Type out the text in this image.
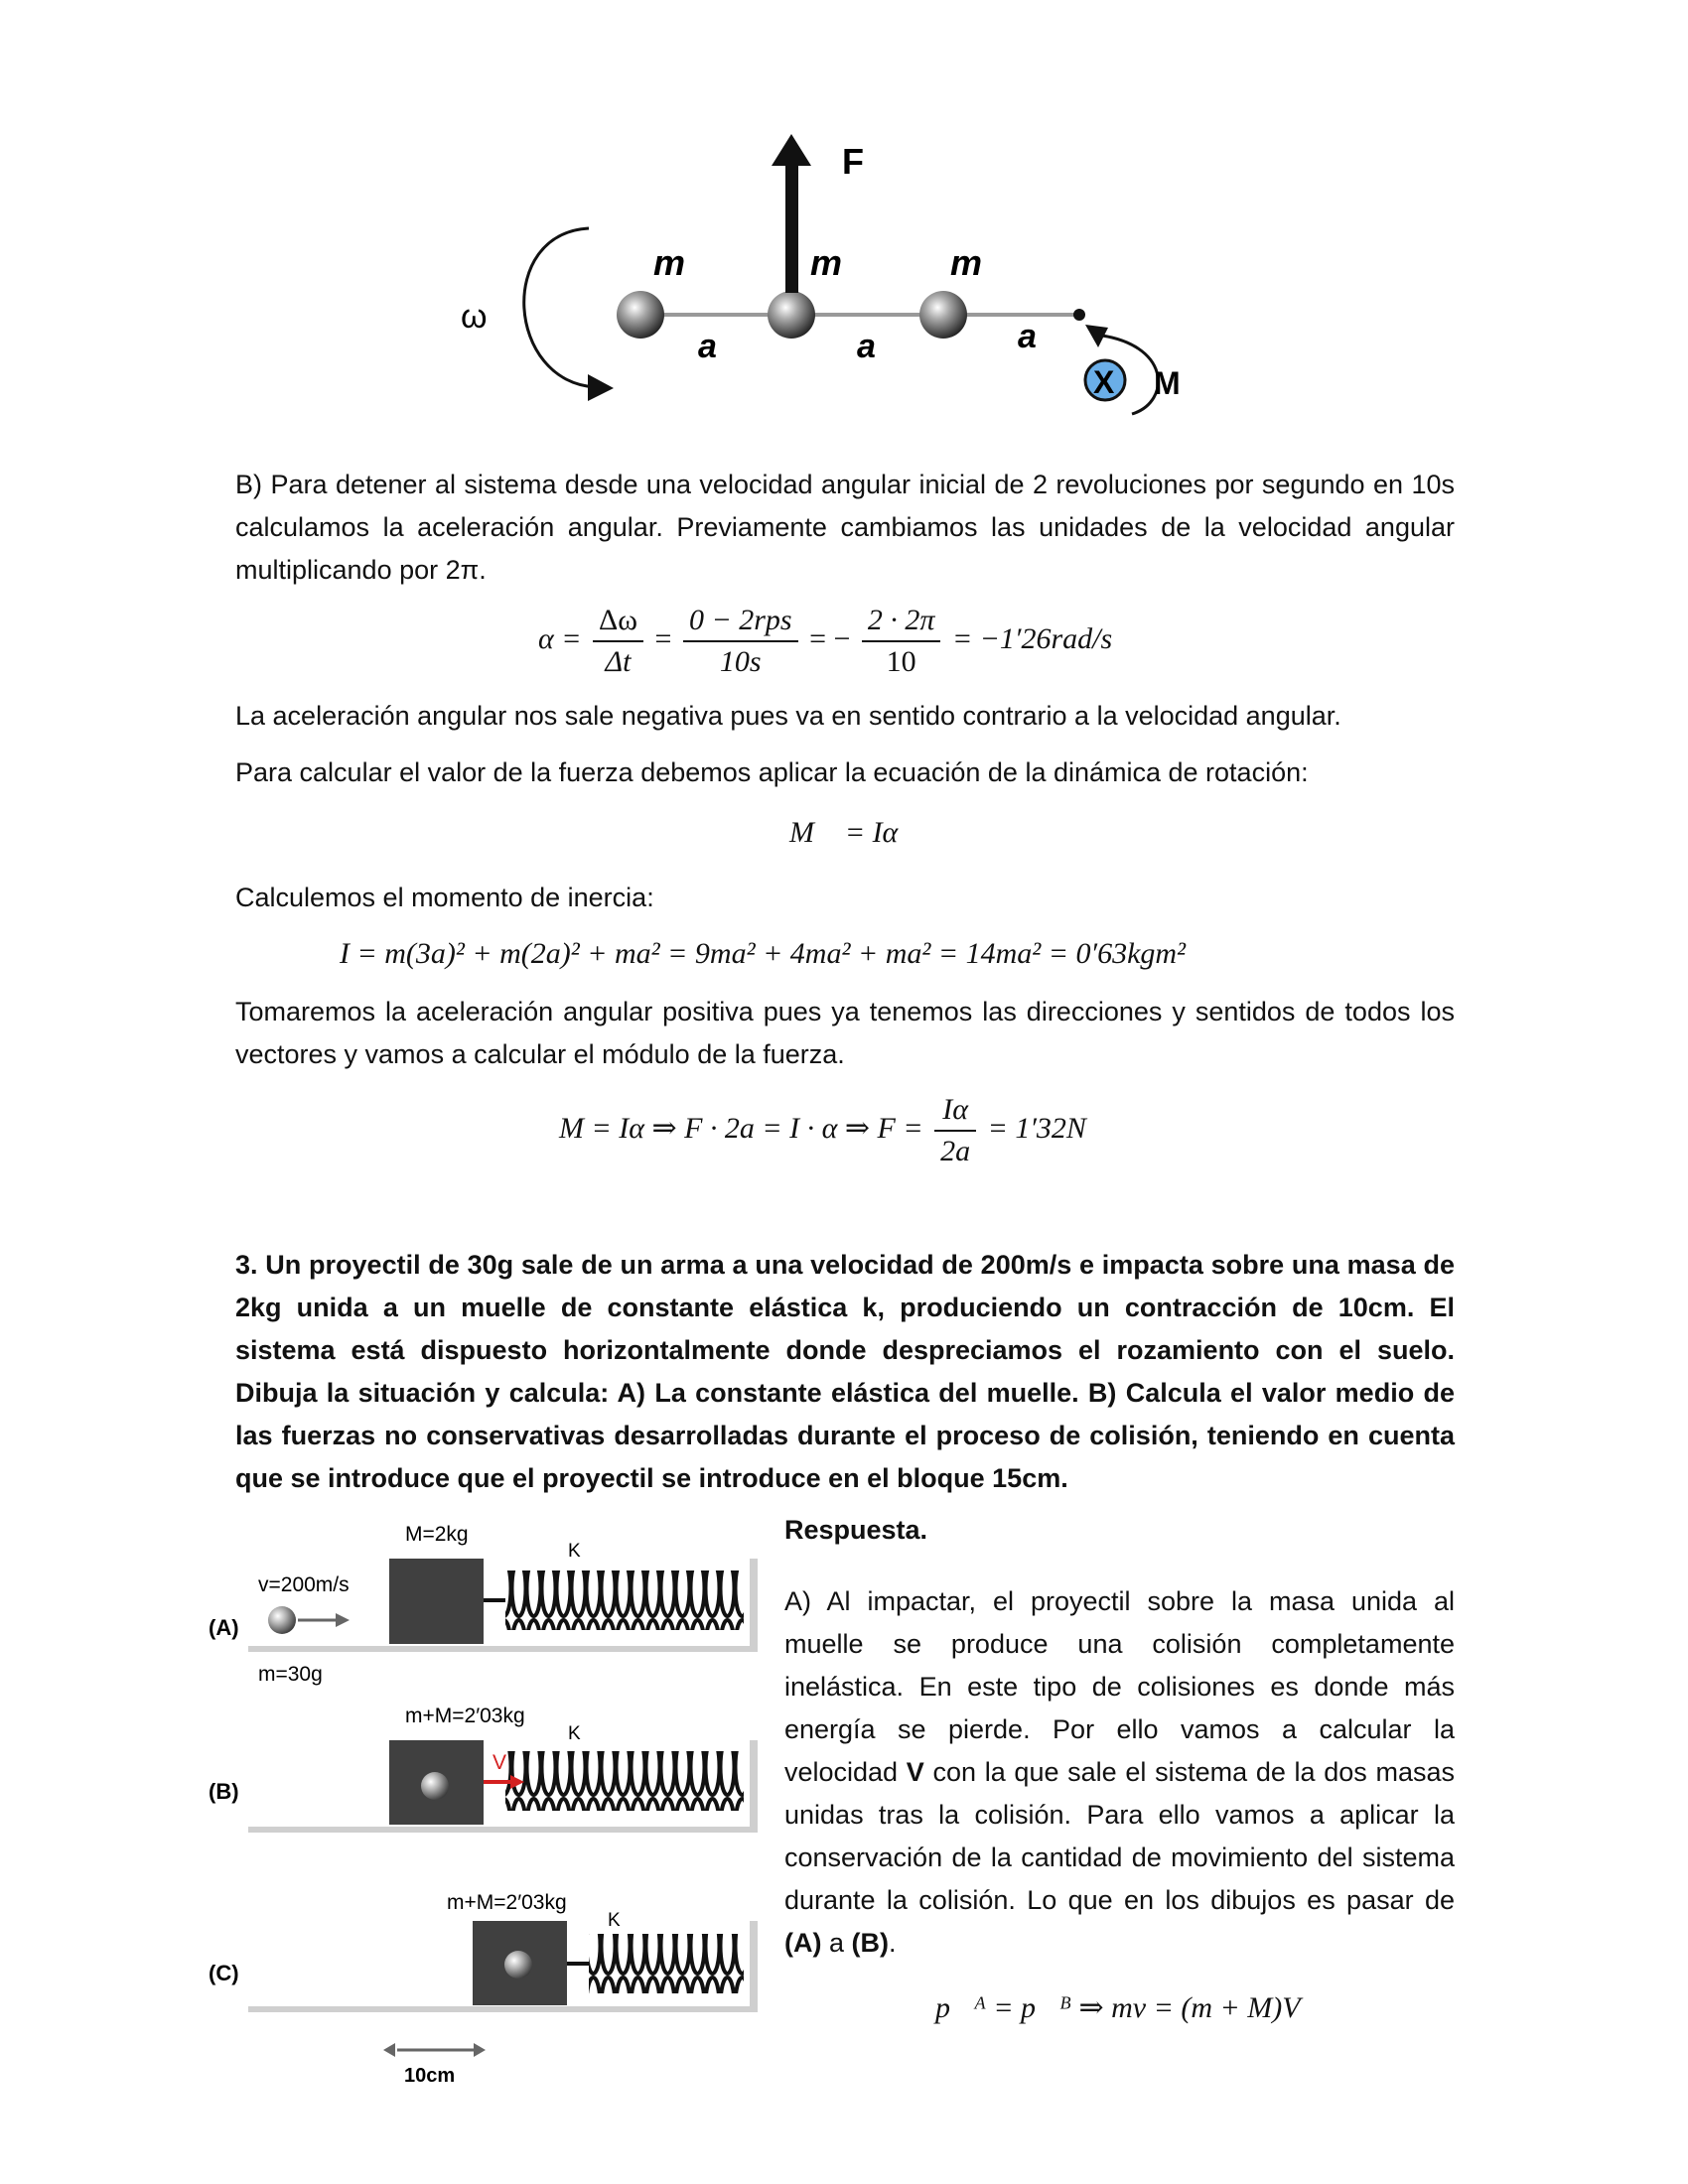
F
m	m	m
a	a	a
ω
X M
B) Para detener al sistema desde una velocidad angular inicial de 2 revoluciones por segundo en 10s calculamos la aceleración angular. Previamente cambiamos las unidades de la velocidad angular multiplicando por 2π.
$\alpha = \frac{\Delta\omega}{\Delta t} = \frac{\text{0 − 2rps}}{10s}$ = − $\frac{2 \cdot 2\pi}{10} = -1'26rad/s$
La aceleración angular nos sale negativa pues va en sentido contrario a la velocidad angular.
Para calcular el valor de la fuerza debemos aplicar la ecuación de la dinámica de rotación:
M⃗ = Iα⃗
Calculemos el momento de inercia:
I = m(3a)² + m(2a)² + ma² = 9ma² + 4ma² + ma² = 14ma² = 0′63kgm²
Tomaremos la aceleración angular positiva pues ya tenemos las direcciones y sentidos de todos los vectores y vamos a calcular el módulo de la fuerza.
M = Iα ⇒ F · 2a = I · α ⇒ $F = \frac{I\alpha}{2a} = 1'32N$
3. Un proyectil de 30g sale de un arma a una velocidad de 200m/s e impacta sobre una masa de 2kg unida a un muelle de constante elástica k, produciendo un contracción de 10cm. El sistema está dispuesto horizontalmente donde despreciamos el rozamiento con el suelo. Dibuja la situación y calcula: A) La constante elástica del muelle. B) Calcula el valor medio de las fuerzas no conservativas desarrolladas durante el proceso de colisión, teniendo en cuenta que se introduce que el proyectil se introduce en el bloque 15cm.
(A)
M=2kg
K
v=200m/s
m=30g
(B)
V
m+M=2′03kg
K
(C)
m+M=2′03kg
K
10cm
Respuesta.
A) Al impactar, el proyectil sobre la masa unida al muelle se produce una colisión completamente inelástica. En este tipo de colisiones es donde más energía se pierde. Por ello vamos a calcular la velocidad V con la que sale el sistema de la dos masas unidas tras la colisión. Para ello vamos a aplicar la conservación de la cantidad de movimiento del sistema durante la colisión. Lo que en los dibujos es pasar de (A) a (B).
p⃗ᴬ = p⃗ᴮ ⇒ mv = (m + M)V
